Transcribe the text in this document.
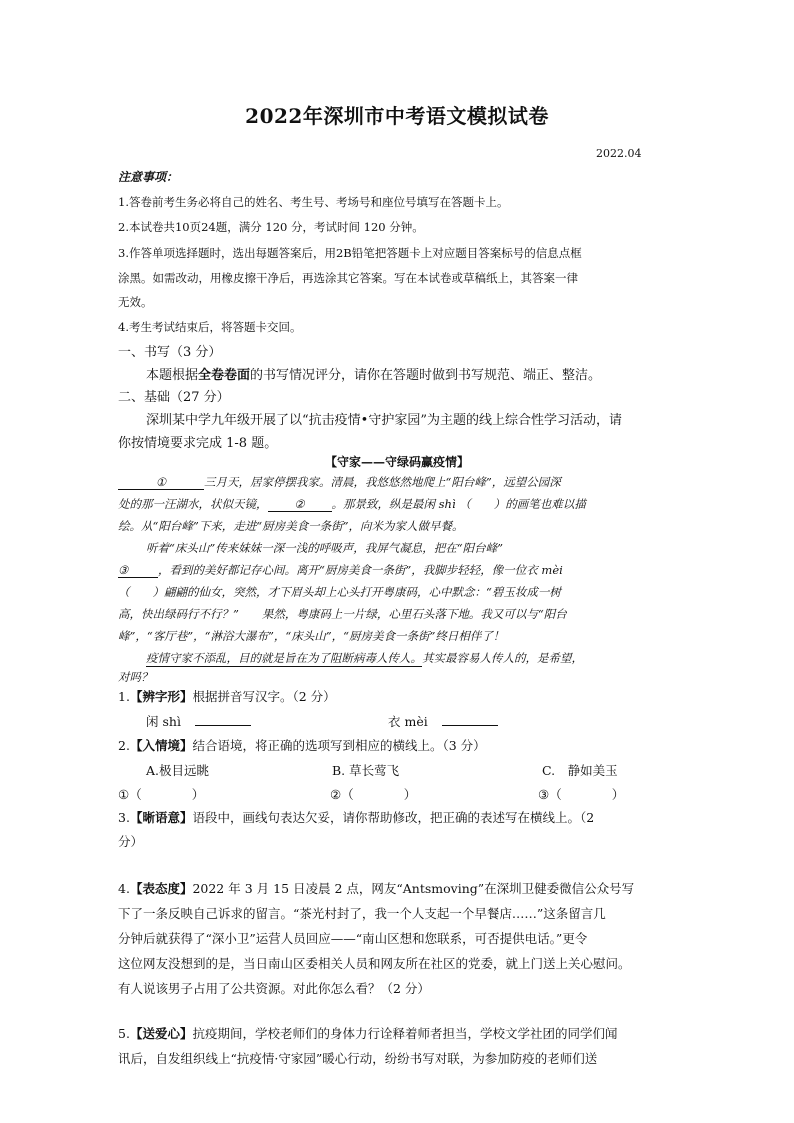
2022年深圳市中考语文模拟试卷
2022.04
注意事项：
1.答卷前考生务必将自己的姓名、考生号、考场号和座位号填写在答题卡上。
2.本试卷共10页24题，满分 120 分，考试时间 120 分钟。
3.作答单项选择题时，选出每题答案后，用2B铅笔把答题卡上对应题目答案标号的信息点框
涂黑。如需改动，用橡皮擦干净后，再选涂其它答案。写在本试卷或草稿纸上，其答案一律
无效。
4.考生考试结束后，将答题卡交回。
一、书写（3 分）
本题根据全卷卷面的书写情况评分，请你在答题时做到书写规范、端正、整洁。
二、基础（27 分）
深圳某中学九年级开展了以“抗击疫情•守护家园”为主题的线上综合性学习活动，请
你按情境要求完成 1-8 题。
【守家——守绿码赢疫情】
①	三月天，居家停摆我家。清晨，我悠悠然地爬上“阳台峰”，远望公园深
处的那一汪湖水，状似天镜， ② 。那景致，纵是最闲 shì （　　）的画笔也难以描
绘。从“阳台峰”下来，走进“厨房美食一条街”，向米为家人做早餐。
听着“床头山”传来妹妹一深一浅的呼吸声，我屏气凝息，把在“阳台峰”
③	，看到的美好都记存心间。离开“厨房美食一条街”，我脚步轻轻，像一位衣 mèi
（　　）翩翩的仙女，突然，才下眉头却上心头打开粤康码，心中默念：“碧玉妆成一树
高，快出绿码行不行？”　　果然，粤康码上一片绿，心里石头落下地。我又可以与“阳台
峰”，“客厅巷”，“淋浴大瀑布”，“床头山”，“厨房美食一条街”终日相伴了！
疫情守家不添乱，目的就是旨在为了阻断病毒人传人。其实最容易人传人的，是希望，
对吗？
1.【辨字形】根据拼音写汉字。（2 分）
闲 shì	衣 mèi
2.【入情境】结合语境，将正确的选项写到相应的横线上。（3 分）
A.极目远眺	B. 草长莺飞	C.　静如美玉
①（　　　　）	②（　　　　）	③（　　　　）
3.【晰语意】语段中，画线句表达欠妥，请你帮助修改，把正确的表述写在横线上。（2
分）
4.【表态度】2022 年 3 月 15 日凌晨 2 点，网友“Antsmoving”在深圳卫健委微信公众号写
下了一条反映自己诉求的留言。“茶光村封了，我一个人支起一个早餐店……”这条留言几
分钟后就获得了“深小卫”运营人员回应——“南山区想和您联系，可否提供电话。”更令
这位网友没想到的是，当日南山区委相关人员和网友所在社区的党委，就上门送上关心慰问。
有人说该男子占用了公共资源。对此你怎么看？（2 分）
5.【送爱心】抗疫期间，学校老师们的身体力行诠释着师者担当，学校文学社团的同学们闻
讯后，自发组织线上“抗疫情·守家园”暖心行动，纷纷书写对联，为参加防疫的老师们送
